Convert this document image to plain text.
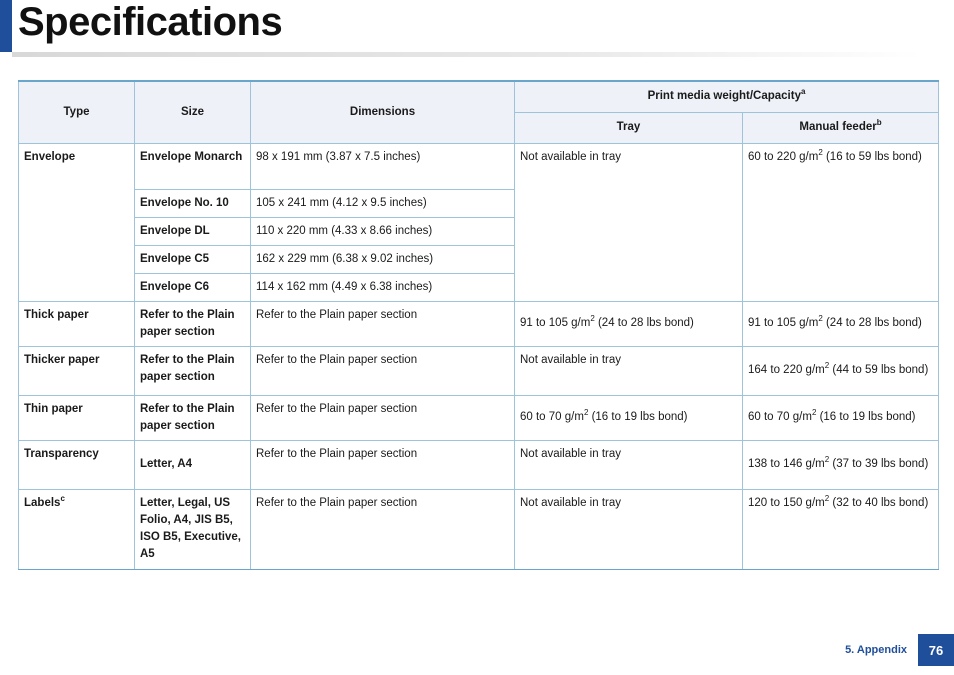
Specifications
Type	Size	Dimensions	Print media weight/Capacity$^a$
			Tray	Manual feeder$^b$
Envelope	Envelope Monarch	98 x 191 mm (3.87 x 7.5 inches)	Not available in tray	60 to 220 $g/m^2$ (16 to 59 lbs bond)
	Envelope No. 10	105 x 241 mm (4.12 x 9.5 inches)		
	Envelope DL	110 x 220 mm (4.33 x 8.66 inches)		
	Envelope C5	162 x 229 mm (6.38 x 9.02 inches)		
	Envelope C6	114 x 162 mm (4.49 x 6.38 inches)		
Thick paper	Refer to the Plain paper section	Refer to the Plain paper section	91 to 105 $g/m^2$ (24 to 28 lbs bond)	91 to 105 $g/m^2$ (24 to 28 lbs bond)
Thicker paper	Refer to the Plain paper section	Refer to the Plain paper section	Not available in tray	164 to 220 $g/m^2$ (44 to 59 lbs bond)
Thin paper	Refer to the Plain paper section	Refer to the Plain paper section	60 to 70 $g/m^2$ (16 to 19 lbs bond)	60 to 70 $g/m^2$ (16 to 19 lbs bond)
Transparency	Letter, A4	Refer to the Plain paper section	Not available in tray	138 to 146 $g/m^2$ (37 to 39 lbs bond)
Labels$^c$	Letter, Legal, US Folio, A4, JIS B5, ISO B5, Executive, A5	Refer to the Plain paper section	Not available in tray	120 to 150 $g/m^2$ (32 to 40 lbs bond)
5. Appendix	76
